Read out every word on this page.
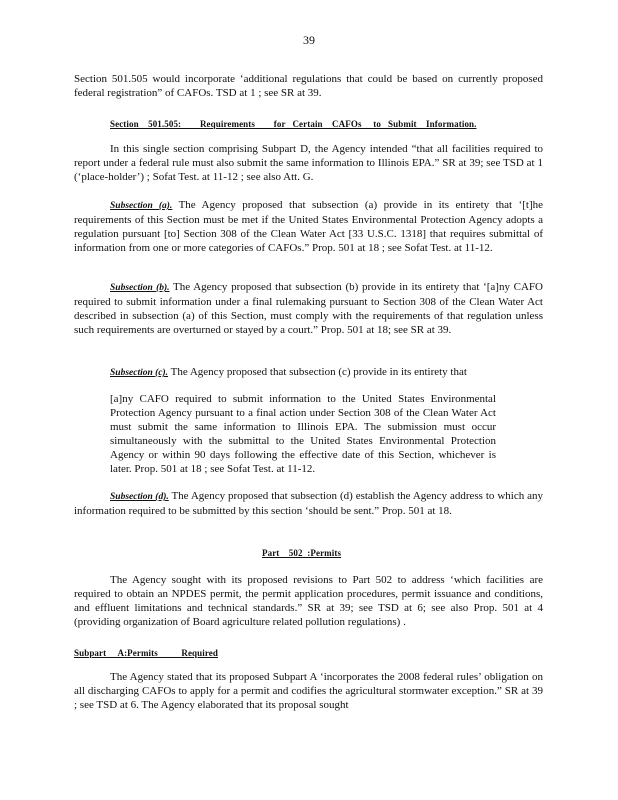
39
Section 501.505 would incorporate ‘additional regulations that could be based on currently proposed federal registration” of CAFOs. TSD at 1 ; see SR at 39.
Section    501.505:        Requirements        for   Certain    CAFOs     to   Submit    Information.
In this single section comprising Subpart D, the Agency intended “that all facilities required to report under a federal rule must also submit the same information to Illinois EPA.” SR at 39; see TSD at 1 (‘place-holder’) ; Sofat Test. at 11-12 ; see also Att. G.
Subsection (a). The Agency proposed that subsection (a) provide in its entirety that ‘[t]he requirements of this Section must be met if the United States Environmental Protection Agency adopts a regulation pursuant [to] Section 308 of the Clean Water Act [33 U.S.C. 1318] that requires submittal of information from one or more categories of CAFOs.” Prop. 501 at 18 ; see Sofat Test. at 11-12.
Subsection (b). The Agency proposed that subsection (b) provide in its entirety that ‘[a]ny CAFO required to submit information under a final rulemaking pursuant to Section 308 of the Clean Water Act described in subsection (a) of this Section, must comply with the requirements of that regulation unless such requirements are overturned or stayed by a court.” Prop. 501 at 18; see SR at 39.
Subsection (c). The Agency proposed that subsection (c) provide in its entirety that
[a]ny CAFO required to submit information to the United States Environmental Protection Agency pursuant to a final action under Section 308 of the Clean Water Act must submit the same information to Illinois EPA. The submission must occur simultaneously with the submittal to the United States Environmental Protection Agency or within 90 days following the effective date of this Section, whichever is later. Prop. 501 at 18 ; see Sofat Test. at 11-12.
Subsection (d). The Agency proposed that subsection (d) establish the Agency address to which any information required to be submitted by this section ‘should be sent.” Prop. 501 at 18.
Part    502  :Permits
The Agency sought with its proposed revisions to Part 502 to address ‘which facilities are required to obtain an NPDES permit, the permit application procedures, permit issuance and conditions, and effluent limitations and technical standards.” SR at 39; see TSD at 6; see also Prop. 501 at 4 (providing organization of Board agriculture related pollution regulations) .
Subpart     A:Permits          Required
The Agency stated that its proposed Subpart A ‘incorporates the 2008 federal rules’ obligation on all discharging CAFOs to apply for a permit and codifies the agricultural stormwater exception.” SR at 39 ; see TSD at 6. The Agency elaborated that its proposal sought
